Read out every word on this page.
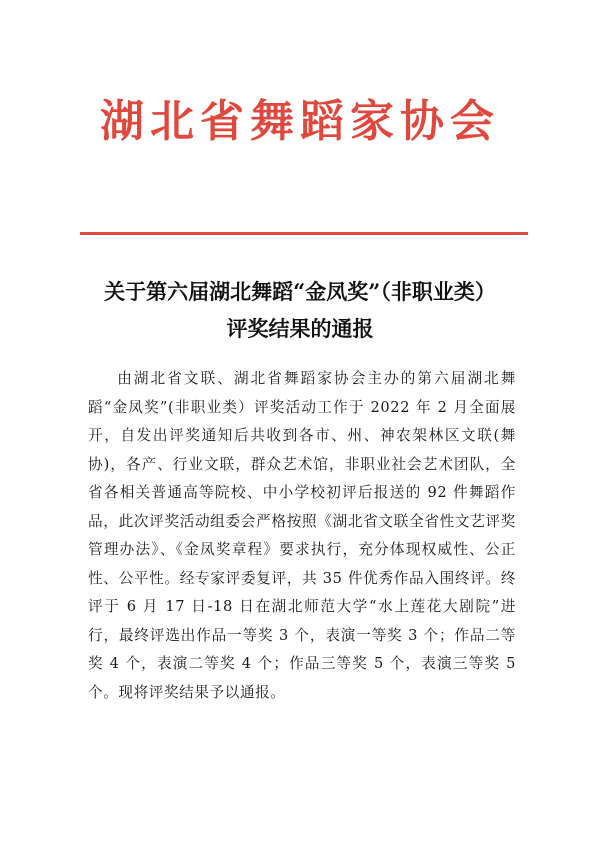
湖北省舞蹈家协会
关于第六届湖北舞蹈“金凤奖”（非职业类）
评奖结果的通报

由湖北省文联、湖北省舞蹈家协会主办的第六届湖北舞蹈“金凤奖”(非职业类）评奖活动工作于 2022 年 2 月全面展开，自发出评奖通知后共收到各市、州、神农架林区文联(舞协)，各产、行业文联，群众艺术馆，非职业社会艺术团队，全省各相关普通高等院校、中小学校初评后报送的 92 件舞蹈作品，此次评奖活动组委会严格按照《湖北省文联全省性文艺评奖管理办法》、《金凤奖章程》要求执行，充分体现权威性、公正性、公平性。经专家评委复评，共 35 件优秀作品入围终评。终评于 6 月 17 日-18 日在湖北师范大学“水上莲花大剧院”进行，最终评选出作品一等奖 3 个，表演一等奖 3 个；作品二等奖 4 个，表演二等奖 4 个；作品三等奖 5 个，表演三等奖 5 个。现将评奖结果予以通报。
